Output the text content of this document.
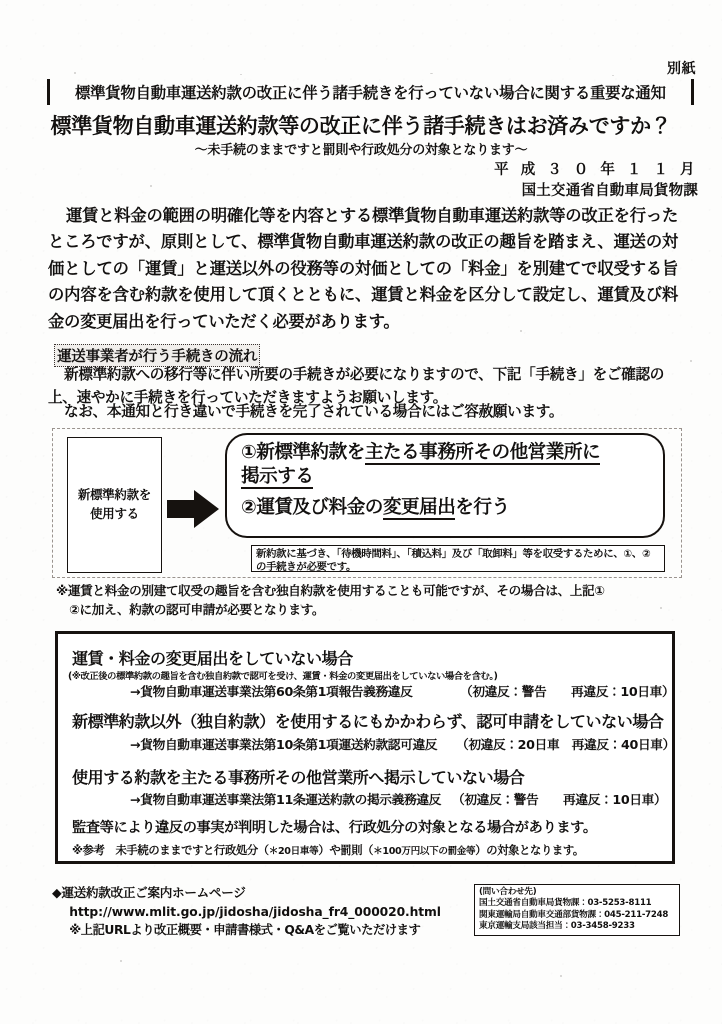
別紙
標準貨物自動車運送約款の改正に伴う諸手続きを行っていない場合に関する重要な通知
標準貨物自動車運送約款等の改正に伴う諸手続きはお済みですか？
～未手続のままですと罰則や行政処分の対象となります～
平 成 ３ ０ 年 １ １ 月
国土交通省自動車局貨物課
運賃と料金の範囲の明確化等を内容とする標準貨物自動車運送約款等の改正を行ったところですが、原則として、標準貨物自動車運送約款の改正の趣旨を踏まえ、運送の対価としての「運賃」と運送以外の役務等の対価としての「料金」を別建てで収受する旨の内容を含む約款を使用して頂くとともに、運賃と料金を区分して設定し、運賃及び料金の変更届出を行っていただく必要があります。
運送事業者が行う手続きの流れ
新標準約款への移行等に伴い所要の手続きが必要になりますので、下記「手続き」をご確認の上、速やかに手続きを行っていただきますようお願いします。
なお、本通知と行き違いで手続きを完了されている場合にはご容赦願います。
新標準約款を
使用する
①新標準約款を主たる事務所その他営業所に
掲示する
②運賃及び料金の変更届出を行う
新約款に基づき、「待機時間料」、「積込料」及び「取卸料」等を収受するために、①、②
の手続きが必要です。
※運賃と料金の別建て収受の趣旨を含む独自約款を使用することも可能ですが、その場合は、上記①
②に加え、約款の認可申請が必要となります。
運賃・料金の変更届出をしていない場合
(※改正後の標準約款の趣旨を含む独自約款で認可を受け、運賃・料金の変更届出をしていない場合を含む。)
→貨物自動車運送事業法第60条第1項報告義務違反	（初違反：警告　　再違反：10日車）
新標準約款以外（独自約款）を使用するにもかかわらず、認可申請をしていない場合
→貨物自動車運送事業法第10条第1項運送約款認可違反 （初違反：20日車　再違反：40日車）
使用する約款を主たる事務所その他営業所へ掲示していない場合
→貨物自動車運送事業法第11条運送約款の掲示義務違反 （初違反：警告　　再違反：10日車）
監査等により違反の事実が判明した場合は、行政処分の対象となる場合があります。
※参考　未手続のままですと行政処分（＊20日車等）や罰則（＊100万円以下の罰金等）の対象となります。
◆運送約款改正ご案内ホームページ
http://www.mlit.go.jp/jidosha/jidosha_fr4_000020.html
※上記URLより改正概要・申請書様式・Q&Aをご覧いただけます
(問い合わせ先)
国土交通省自動車局貨物課：03-5253-8111
関東運輸局自動車交通部貨物課：045-211-7248
東京運輸支局該当担当：03-3458-9233
